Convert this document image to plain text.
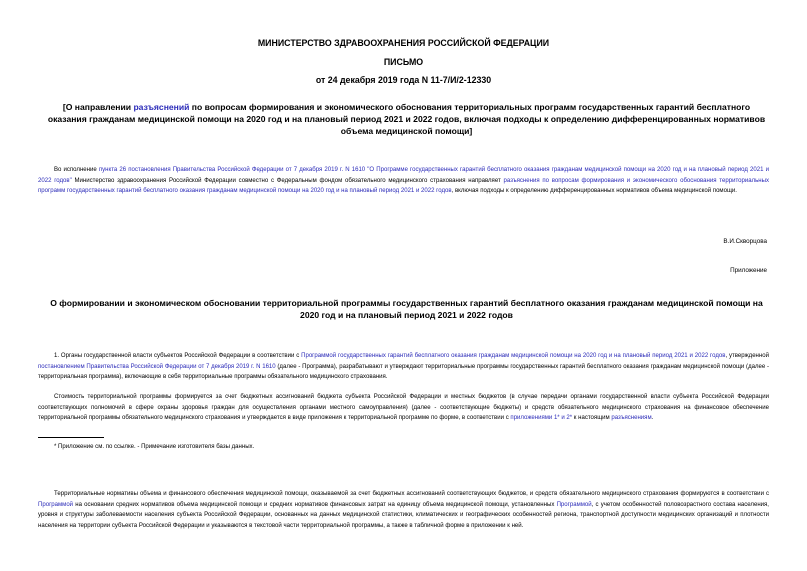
МИНИСТЕРСТВО ЗДРАВООХРАНЕНИЯ РОССИЙСКОЙ ФЕДЕРАЦИИ
ПИСЬМО
от 24 декабря 2019 года N 11-7/И/2-12330
[О направлении разъяснений по вопросам формирования и экономического обоснования территориальных программ государственных гарантий бесплатного оказания гражданам медицинской помощи на 2020 год и на плановый период 2021 и 2022 годов, включая подходы к определению дифференцированных нормативов объема медицинской помощи]
Во исполнение пункта 26 постановления Правительства Российской Федерации от 7 декабря 2019 г. N 1610 "О Программе государственных гарантий бесплатного оказания гражданам медицинской помощи на 2020 год и на плановый период 2021 и 2022 годов" Министерство здравоохранения Российской Федерации совместно с Федеральным фондом обязательного медицинского страхования направляет разъяснения по вопросам формирования и экономического обоснования территориальных программ государственных гарантий бесплатного оказания гражданам медицинской помощи на 2020 год и на плановый период 2021 и 2022 годов, включая подходы к определению дифференцированных нормативов объема медицинской помощи.
В.И.Скворцова
Приложение
О формировании и экономическом обосновании территориальной программы государственных гарантий бесплатного оказания гражданам медицинской помощи на 2020 год и на плановый период 2021 и 2022 годов
1. Органы государственной власти субъектов Российской Федерации в соответствии с Программой государственных гарантий бесплатного оказания гражданам медицинской помощи на 2020 год и на плановый период 2021 и 2022 годов, утвержденной постановлением Правительства Российской Федерации от 7 декабря 2019 г. N 1610 (далее - Программа), разрабатывают и утверждают территориальные программы государственных гарантий бесплатного оказания гражданам медицинской помощи (далее - территориальная программа), включающие в себя территориальные программы обязательного медицинского страхования.
Стоимость территориальной программы формируется за счет бюджетных ассигнований бюджета субъекта Российской Федерации и местных бюджетов (в случае передачи органами государственной власти субъекта Российской Федерации соответствующих полномочий в сфере охраны здоровья граждан для осуществления органами местного самоуправления) (далее - соответствующие бюджеты) и средств обязательного медицинского страхования на финансовое обеспечение территориальной программы обязательного медицинского страхования и утверждается в виде приложения к территориальной программе по форме, в соответствии с приложениями 1* и 2* к настоящим разъяснениям.
* Приложение см. по ссылке. - Примечание изготовителя базы данных.
Территориальные нормативы объема и финансового обеспечения медицинской помощи, оказываемой за счет бюджетных ассигнований соответствующих бюджетов, и средств обязательного медицинского страхования формируются в соответствии с Программой на основании средних нормативов объема медицинской помощи и средних нормативов финансовых затрат на единицу объема медицинской помощи, установленных Программой, с учетом особенностей половозрастного состава населения, уровня и структуры заболеваемости населения субъекта Российской Федерации, основанных на данных медицинской статистики, климатических и географических особенностей региона, транспортной доступности медицинских организаций и плотности населения на территории субъекта Российской Федерации и указываются в текстовой части территориальной программы, а также в табличной форме в приложении к ней.
